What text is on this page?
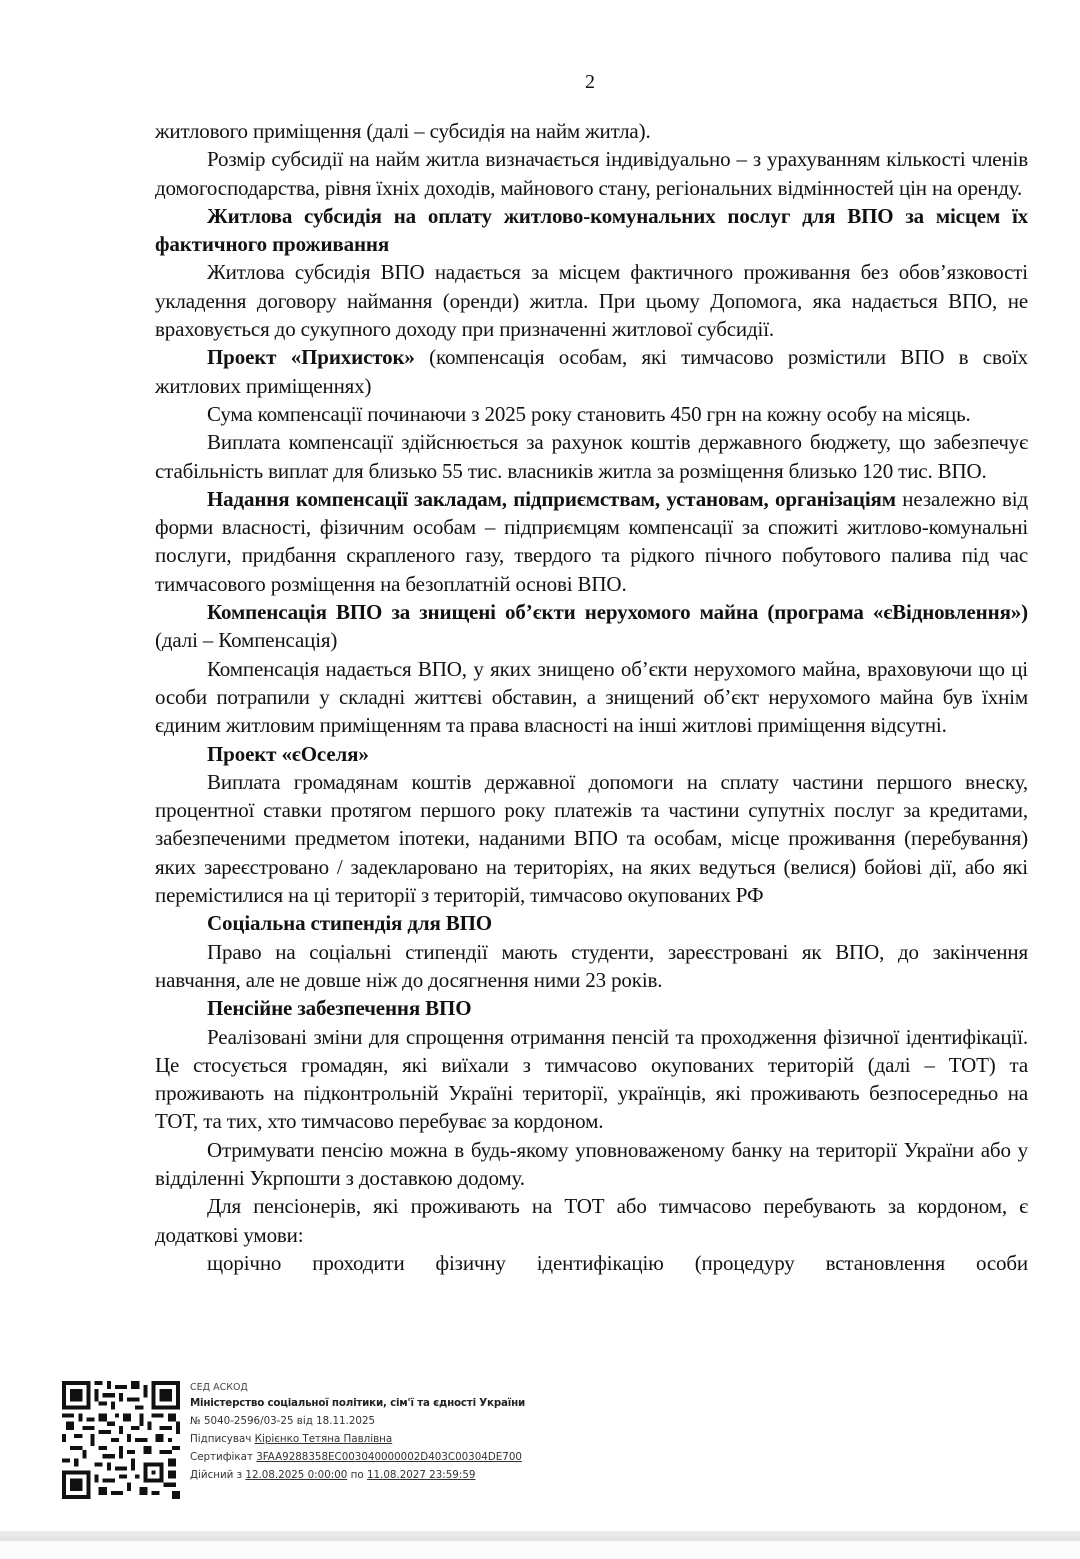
2

житлового приміщення (далі – субсидія на найм житла).

Розмір субсидії на найм житла визначається індивідуально – з урахуванням кількості членів домогосподарства, рівня їхніх доходів, майнового стану, регіональних відмінностей цін на оренду.

Житлова субсидія на оплату житлово-комунальних послуг для ВПО за місцем їх фактичного проживання

Житлова субсидія ВПО надається за місцем фактичного проживання без обов’язковості укладення договору наймання (оренди) житла. При цьому Допомога, яка надається ВПО, не враховується до сукупного доходу при призначенні житлової субсидії.

Проект «Прихисток» (компенсація особам, які тимчасово розмістили ВПО в своїх житлових приміщеннях)

Сума компенсації починаючи з 2025 року становить 450 грн на кожну особу на місяць.

Виплата компенсації здійснюється за рахунок коштів державного бюджету, що забезпечує стабільність виплат для близько 55 тис. власників житла за розміщення близько 120 тис. ВПО.

Надання компенсації закладам, підприємствам, установам, організаціям незалежно від форми власності, фізичним особам – підприємцям компенсації за спожиті житлово-комунальні послуги, придбання скрапленого газу, твердого та рідкого пічного побутового палива під час тимчасового розміщення на безоплатній основі ВПО.

Компенсація ВПО за знищені об’єкти нерухомого майна (програма «єВідновлення») (далі – Компенсація)

Компенсація надається ВПО, у яких знищено об’єкти нерухомого майна, враховуючи що ці особи потрапили у складні життєві обставин, а знищений об’єкт нерухомого майна був їхнім єдиним житловим приміщенням та права власності на інші житлові приміщення відсутні.

Проект «єОселя»

Виплата громадянам коштів державної допомоги на сплату частини першого внеску, процентної ставки протягом першого року платежів та частини супутніх послуг за кредитами, забезпеченими предметом іпотеки, наданими ВПО та особам, місце проживання (перебування) яких зареєстровано / задекларовано на територіях, на яких ведуться (велися) бойові дії, або які перемістилися на ці території з територій, тимчасово окупованих РФ

Соціальна стипендія для ВПО

Право на соціальні стипендії мають студенти, зареєстровані як ВПО, до закінчення навчання, але не довше ніж до досягнення ними 23 років.

Пенсійне забезпечення ВПО

Реалізовані зміни для спрощення отримання пенсій та проходження фізичної ідентифікації. Це стосується громадян, які виїхали з тимчасово окупованих територій (далі – ТОТ) та проживають на підконтрольній Україні території, українців, які проживають безпосередньо на ТОТ, та тих, хто тимчасово перебуває за кордоном.

Отримувати пенсію можна в будь-якому уповноваженому банку на території України або у відділенні Укрпошти з доставкою додому.

Для пенсіонерів, які проживають на ТОТ або тимчасово перебувають за кордоном, є додаткові умови:

щорічно проходити фізичну ідентифікацію (процедуру встановлення особи

СЕД АСКОД
Міністерство соціальної політики, сім'ї та єдності України
№ 5040-2596/03-25 від 18.11.2025
Підписувач Кірієнко Тетяна Павлівна
Сертифікат 3FAA9288358EC003040000002D403C00304DE700
Дійсний з 12.08.2025 0:00:00 по 11.08.2027 23:59:59
